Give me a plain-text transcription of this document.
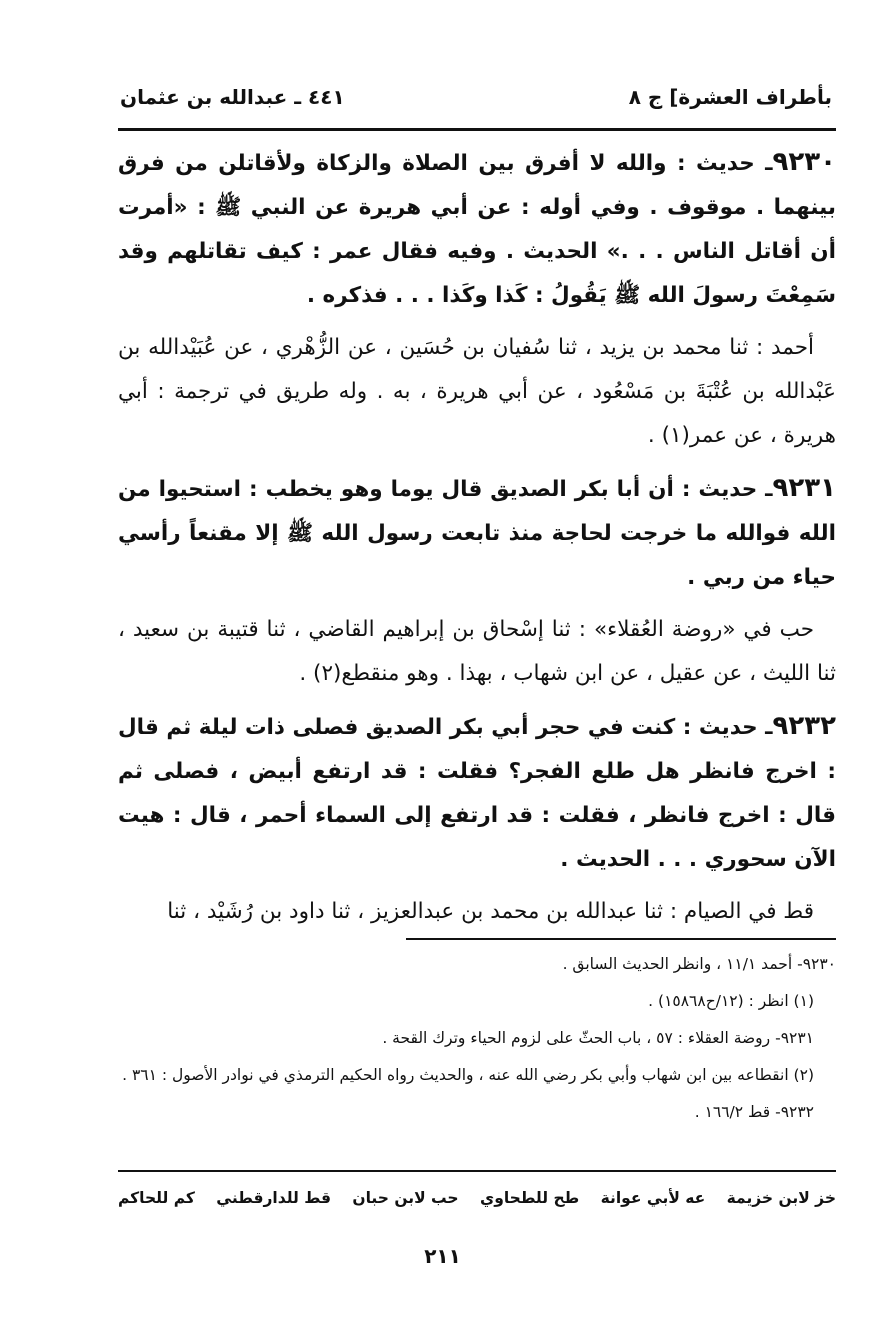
بأطراف العشرة] ج ٨
٤٤١ ـ عبدالله بن عثمان

٩٢٣٠ـ حديث : والله لا أفرق بين الصلاة والزكاة ولأقاتلن من فرق بينهما . موقوف . وفي أوله : عن أبي هريرة عن النبي ﷺ : «أمرت أن أقاتل الناس . . .» الحديث . وفيه فقال عمر : كيف تقاتلهم وقد سَمِعْتَ رسولَ الله ﷺ يَقُولُ : كَذا وكَذا . . . فذكره .

أحمد : ثنا محمد بن يزيد ، ثنا سُفيان بن حُسَين ، عن الزُّهْري ، عن عُبَيْدالله بن عَبْدالله بن عُتْبَةَ بن مَسْعُود ، عن أبي هريرة ، به . وله طريق في ترجمة : أبي هريرة ، عن عمر(١) .

٩٢٣١ـ حديث : أن أبا بكر الصديق قال يوما وهو يخطب : استحيوا من الله فوالله ما خرجت لحاجة منذ تابعت رسول الله ﷺ إلا مقنعاً رأسي حياء من ربي .

حب في «روضة العُقلاء» : ثنا إسْحاق بن إبراهيم القاضي ، ثنا قتيبة بن سعيد ، ثنا الليث ، عن عقيل ، عن ابن شهاب ، بهذا . وهو منقطع(٢) .

٩٢٣٢ـ حديث : كنت في حجر أبي بكر الصديق فصلى ذات ليلة ثم قال : اخرج فانظر هل طلع الفجر؟ فقلت : قد ارتفع أبيض ، فصلى ثم قال : اخرج فانظر ، فقلت : قد ارتفع إلى السماء أحمر ، قال : هيت الآن سحوري . . . الحديث .

قط في الصيام : ثنا عبدالله بن محمد بن عبدالعزيز ، ثنا داود بن رُشَيْد ، ثنا

٩٢٣٠- أحمد ١١/١ ، وانظر الحديث السابق .

(١) انظر : (١٢/ح١٥٨٦٨) .

٩٢٣١- روضة العقلاء : ٥٧ ، باب الحثّ على لزوم الحياء وترك القحة .

(٢) انقطاعه بين ابن شهاب وأبي بكر رضي الله عنه ، والحديث رواه الحكيم الترمذي في نوادر الأصول : ٣٦١ .

٩٢٣٢- قط ١٦٦/٢ .

خز لابن خزيمة
عه لأبي عوانة
طح للطحاوي
حب لابن حبان
قط للدارقطني
كم للحاكم
٢١١
